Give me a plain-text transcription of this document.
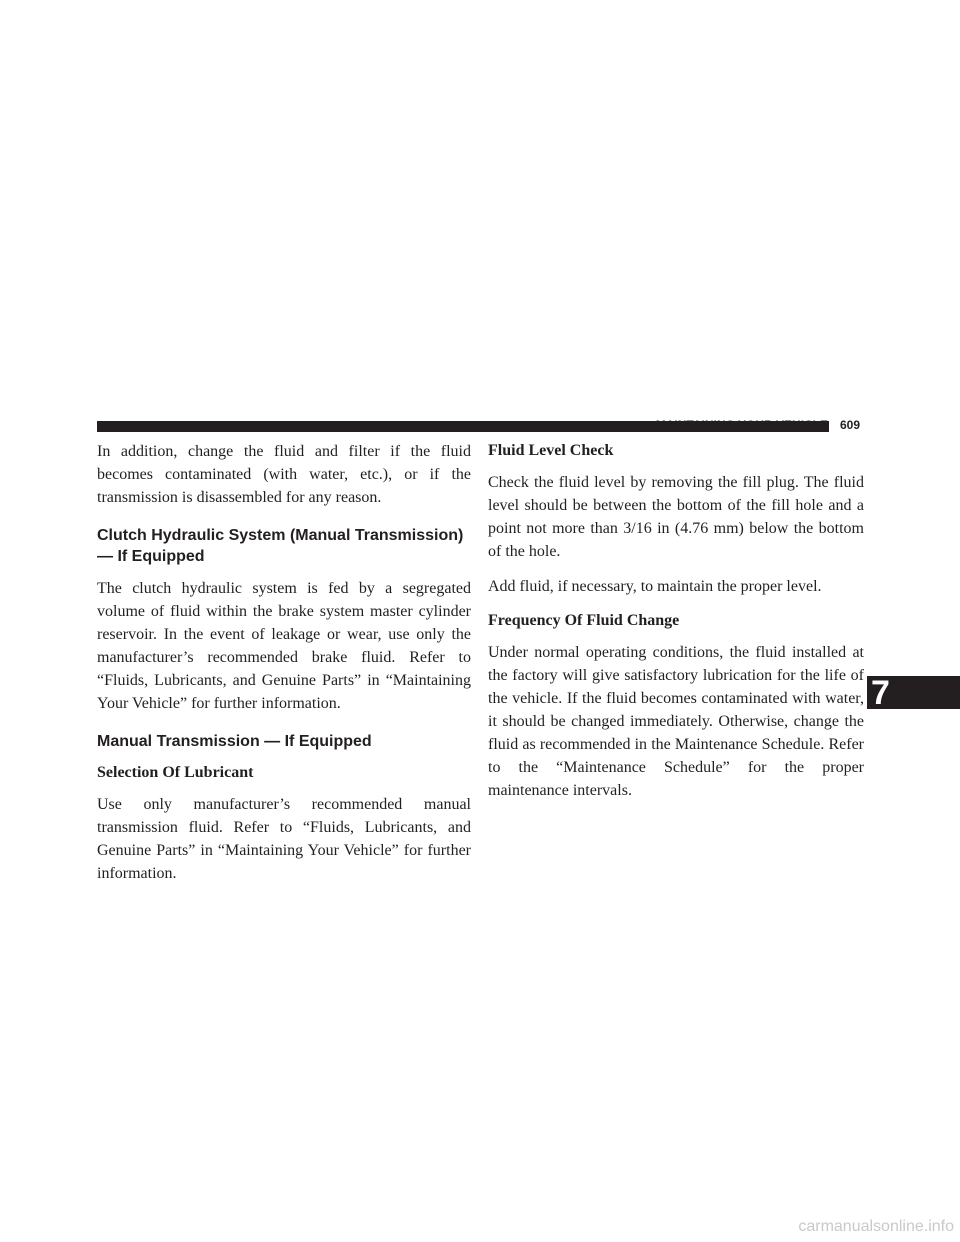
MAINTAINING YOUR VEHICLE 609

In addition, change the fluid and filter if the fluid becomes contaminated (with water, etc.), or if the transmission is disassembled for any reason.

Clutch Hydraulic System (Manual Transmission)
— If Equipped

The clutch hydraulic system is fed by a segregated volume of fluid within the brake system master cylinder reservoir. In the event of leakage or wear, use only the manufacturer’s recommended brake fluid. Refer to “Fluids, Lubricants, and Genuine Parts” in “Maintaining Your Vehicle” for further information.

Manual Transmission — If Equipped
Selection Of Lubricant

Use only manufacturer’s recommended manual transmission fluid. Refer to “Fluids, Lubricants, and Genuine Parts” in “Maintaining Your Vehicle” for further information.

Fluid Level Check

Check the fluid level by removing the fill plug. The fluid level should be between the bottom of the fill hole and a point not more than 3/16 in (4.76 mm) below the bottom of the hole.

Add fluid, if necessary, to maintain the proper level.

Frequency Of Fluid Change

Under normal operating conditions, the fluid installed at the factory will give satisfactory lubrication for the life of the vehicle. If the fluid becomes contaminated with water, it should be changed immediately. Otherwise, change the fluid as recommended in the Maintenance Schedule. Refer to the “Maintenance Schedule” for the proper maintenance intervals.

7
carmanualsonline.info
